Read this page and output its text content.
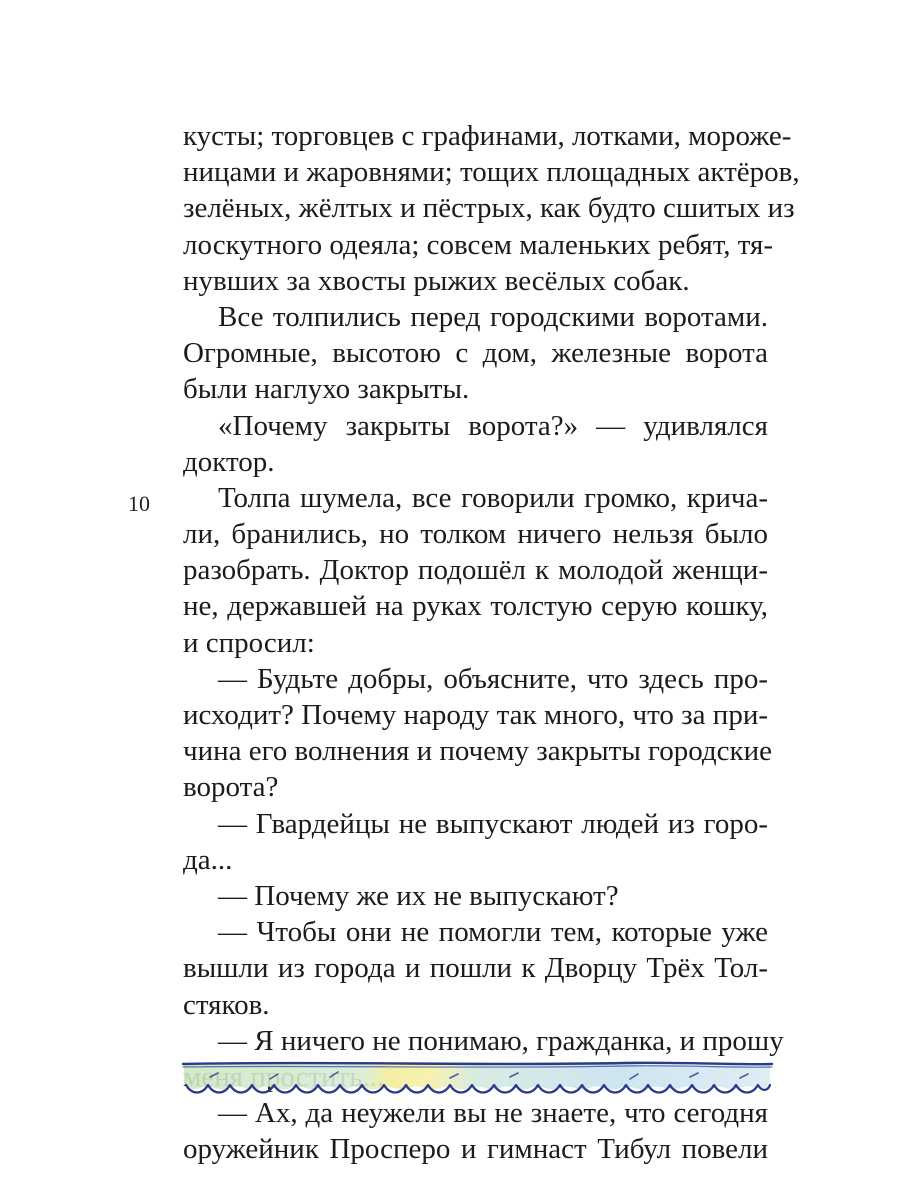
10
кусты; торговцев с графинами, лотками, мороже-
ницами и жаровнями; тощих площадных актёров,
зелёных, жёлтых и пёстрых, как будто сшитых из
лоскутного одеяла; совсем маленьких ребят, тя-
нувших за хвосты рыжих весёлых собак.
Все толпились перед городскими воротами.
Огромные, высотою с дом, железные ворота
были наглухо закрыты.
«Почему закрыты ворота?» — удивлялся
доктор.
Толпа шумела, все говорили громко, крича-
ли, бранились, но толком ничего нельзя было
разобрать. Доктор подошёл к молодой женщи-
не, державшей на руках толстую серую кошку,
и спросил:
— Будьте добры, объясните, что здесь про-
исходит? Почему народу так много, что за при-
чина его волнения и почему закрыты городские
ворота?
— Гвардейцы не выпускают людей из горо-
да...
— Почему же их не выпускают?
— Чтобы они не помогли тем, которые уже
вышли из города и пошли к Дворцу Трёх Тол-
стяков.
— Я ничего не понимаю, гражданка, и прошу
— Ах, да неужели вы не знаете, что сегодня
оружейник Просперо и гимнаст Тибул повели
